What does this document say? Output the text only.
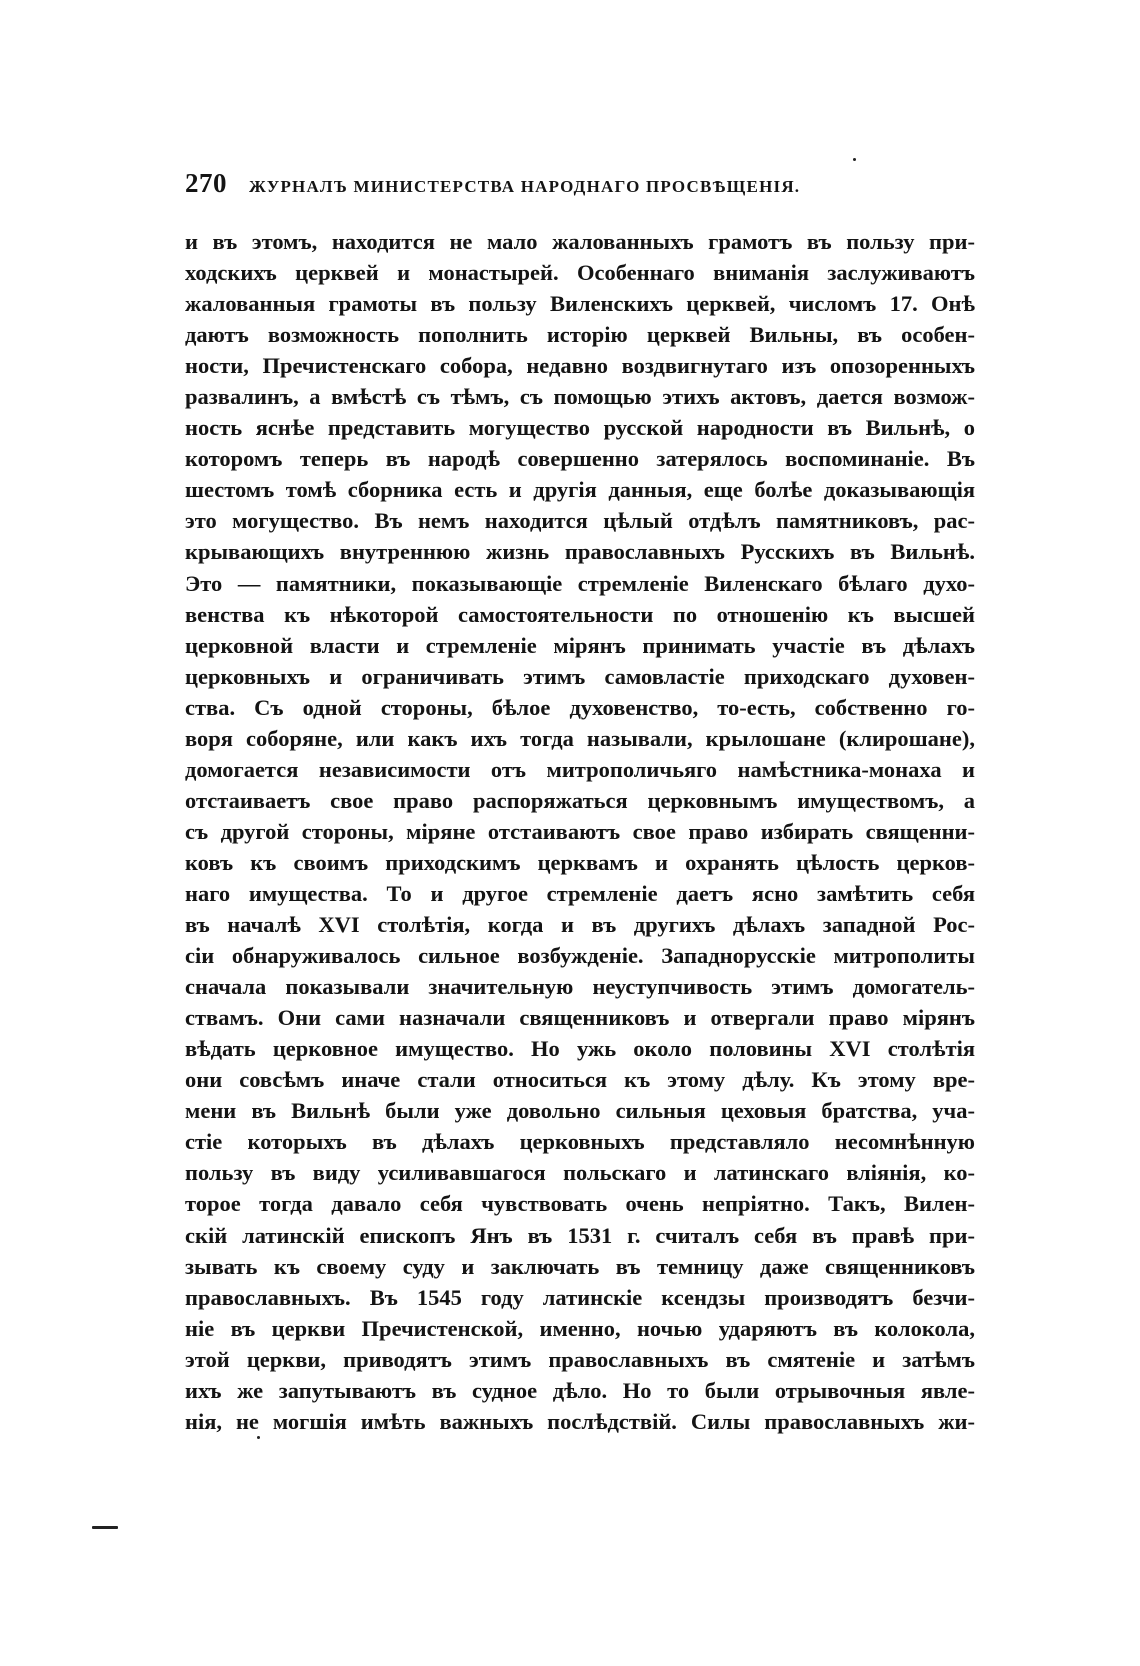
270 ЖУРНАЛЪ МИНИСТЕРСТВА НАРОДНАГО ПРОСВѢЩЕНІЯ.
и въ этомъ, находится не мало жалованныхъ грамотъ въ пользу при-
ходскихъ церквей и монастырей. Особеннаго вниманія заслуживаютъ
жалованныя грамоты въ пользу Виленскихъ церквей, числомъ 17. Онѣ
даютъ возможность пополнить исторію церквей Вильны, въ особен-
ности, Пречистенскаго собора, недавно воздвигнутаго изъ опозоренныхъ
развалинъ, а вмѣстѣ съ тѣмъ, съ помощью этихъ актовъ, дается возмож-
ность яснѣе представить могущество русской народности въ Вильнѣ, о
которомъ теперь въ народѣ совершенно затерялось воспоминаніе. Въ
шестомъ томѣ сборника есть и другія данныя, еще болѣе доказывающія
это могущество. Въ немъ находится цѣлый отдѣлъ памятниковъ, рас-
крывающихъ внутреннюю жизнь православныхъ Русскихъ въ Вильнѣ.
Это — памятники, показывающіе стремленіе Виленскаго бѣлаго духо-
венства къ нѣкоторой самостоятельности по отношенію къ высшей
церковной власти и стремленіе мірянъ принимать участіе въ дѣлахъ
церковныхъ и ограничивать этимъ самовластіе приходскаго духовен-
ства. Съ одной стороны, бѣлое духовенство, то-есть, собственно го-
воря соборяне, или какъ ихъ тогда называли, крылошане (клирошане),
домогается независимости отъ митрополичьяго намѣстника-монаха и
отстаиваетъ свое право распоряжаться церковнымъ имуществомъ, а
съ другой стороны, міряне отстаиваютъ свое право избирать священни-
ковъ къ своимъ приходскимъ церквамъ и охранять цѣлость церков-
наго имущества. То и другое стремленіе даетъ ясно замѣтить себя
въ началѣ XVI столѣтія, когда и въ другихъ дѣлахъ западной Рос-
сіи обнаруживалось сильное возбужденіе. Западнорусскіе митрополиты
сначала показывали значительную неуступчивость этимъ домогатель-
ствамъ. Они сами назначали священниковъ и отвергали право мірянъ
вѣдать церковное имущество. Но ужь около половины XVI столѣтія
они совсѣмъ иначе стали относиться къ этому дѣлу. Къ этому вре-
мени въ Вильнѣ были уже довольно сильныя цеховыя братства, уча-
стіе которыхъ въ дѣлахъ церковныхъ представляло несомнѣнную
пользу въ виду усиливавшагося польскаго и латинскаго вліянія, ко-
торое тогда давало себя чувствовать очень непріятно. Такъ, Вилен-
скій латинскій епископъ Янъ въ 1531 г. считалъ себя въ правѣ при-
зывать къ своему суду и заключать въ темницу даже священниковъ
православныхъ. Въ 1545 году латинскіе ксендзы производятъ безчи-
ніе въ церкви Пречистенской, именно, ночью ударяютъ въ колокола,
этой церкви, приводятъ этимъ православныхъ въ смятеніе и затѣмъ
ихъ же запутываютъ въ судное дѣло. Но то были отрывочныя явле-
нія, не могшія имѣть важныхъ послѣдствій. Силы православныхъ жи-
